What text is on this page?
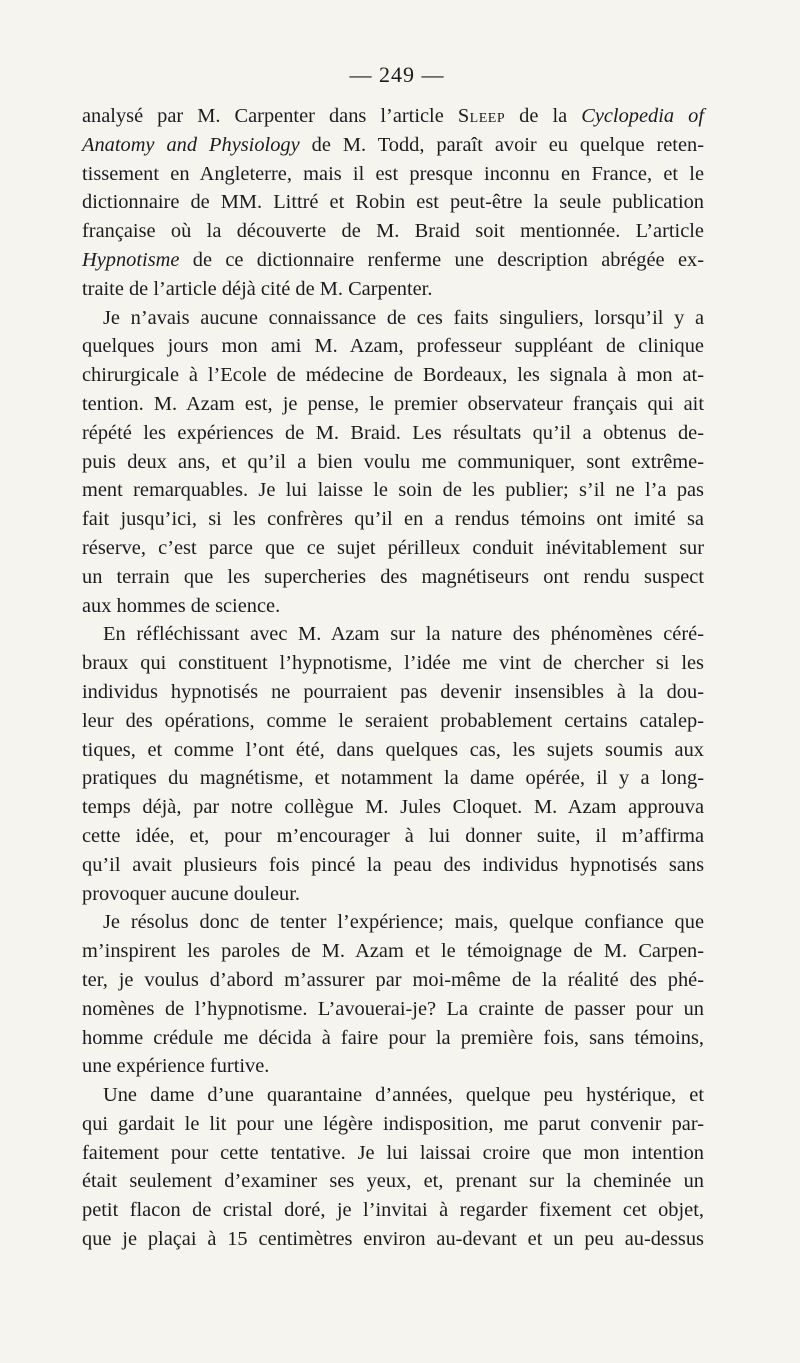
— 249 —
analysé par M. Carpenter dans l’article Sleep de la Cyclopedia of
Anatomy and Physiology de M. Todd, paraît avoir eu quelque reten-
tissement en Angleterre, mais il est presque inconnu en France, et le
dictionnaire de MM. Littré et Robin est peut-être la seule publication
française où la découverte de M. Braid soit mentionnée. L’article
Hypnotisme de ce dictionnaire renferme une description abrégée ex-
traite de l’article déjà cité de M. Carpenter.
Je n’avais aucune connaissance de ces faits singuliers, lorsqu’il y a
quelques jours mon ami M. Azam, professeur suppléant de clinique
chirurgicale à l’Ecole de médecine de Bordeaux, les signala à mon at-
tention. M. Azam est, je pense, le premier observateur français qui ait
répété les expériences de M. Braid. Les résultats qu’il a obtenus de-
puis deux ans, et qu’il a bien voulu me communiquer, sont extrême-
ment remarquables. Je lui laisse le soin de les publier; s’il ne l’a pas
fait jusqu’ici, si les confrères qu’il en a rendus témoins ont imité sa
réserve, c’est parce que ce sujet périlleux conduit inévitablement sur
un terrain que les supercheries des magnétiseurs ont rendu suspect
aux hommes de science.
En réfléchissant avec M. Azam sur la nature des phénomènes céré-
braux qui constituent l’hypnotisme, l’idée me vint de chercher si les
individus hypnotisés ne pourraient pas devenir insensibles à la dou-
leur des opérations, comme le seraient probablement certains catalep-
tiques, et comme l’ont été, dans quelques cas, les sujets soumis aux
pratiques du magnétisme, et notamment la dame opérée, il y a long-
temps déjà, par notre collègue M. Jules Cloquet. M. Azam approuva
cette idée, et, pour m’encourager à lui donner suite, il m’affirma
qu’il avait plusieurs fois pincé la peau des individus hypnotisés sans
provoquer aucune douleur.
Je résolus donc de tenter l’expérience; mais, quelque confiance que
m’inspirent les paroles de M. Azam et le témoignage de M. Carpen-
ter, je voulus d’abord m’assurer par moi-même de la réalité des phé-
nomènes de l’hypnotisme. L’avouerai-je? La crainte de passer pour un
homme crédule me décida à faire pour la première fois, sans témoins,
une expérience furtive.
Une dame d’une quarantaine d’années, quelque peu hystérique, et
qui gardait le lit pour une légère indisposition, me parut convenir par-
faitement pour cette tentative. Je lui laissai croire que mon intention
était seulement d’examiner ses yeux, et, prenant sur la cheminée un
petit flacon de cristal doré, je l’invitai à regarder fixement cet objet,
que je plaçai à 15 centimètres environ au-devant et un peu au-dessus
